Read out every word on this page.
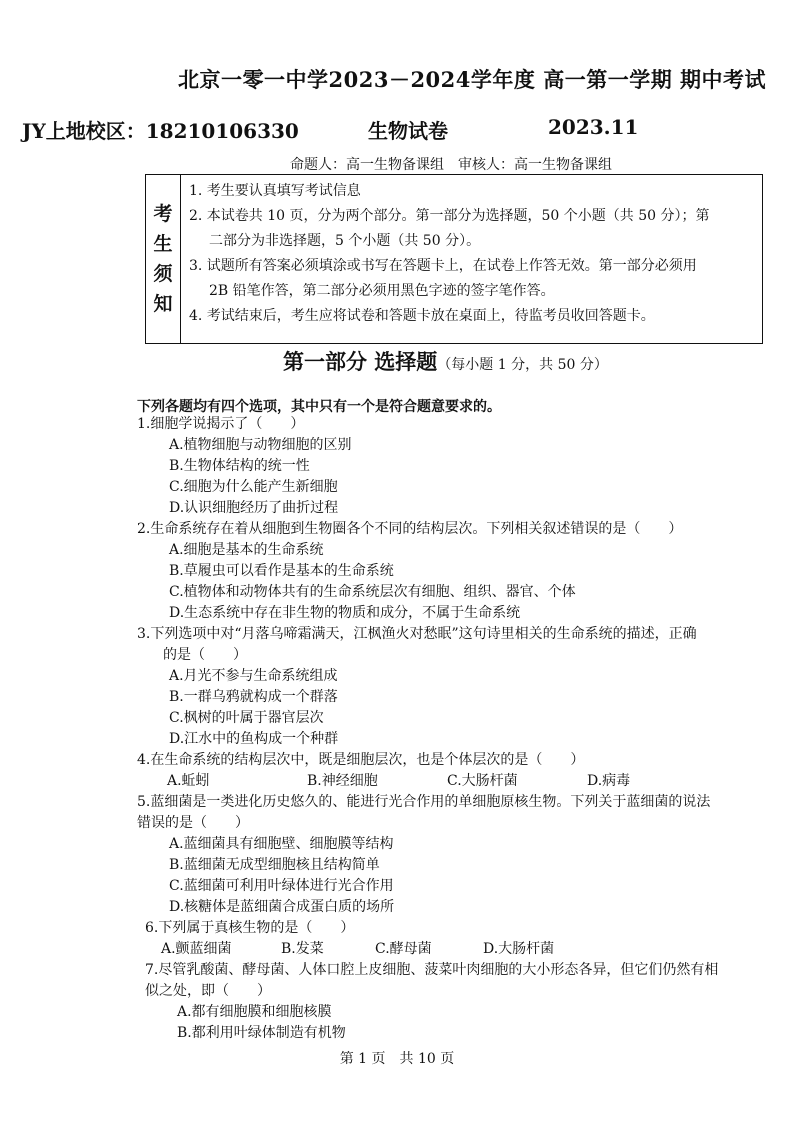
北京一零一中学2023－2024学年度 高一第一学期 期中考试
JY上地校区：18210106330	生物试卷	2023.11
命题人：高一生物备课组　审核人：高一生物备课组
考
生
须
知
1. 考生要认真填写考试信息
2. 本试卷共 10 页，分为两个部分。第一部分为选择题，50 个小题（共 50 分）；第
二部分为非选择题，5 个小题（共 50 分）。
3. 试题所有答案必须填涂或书写在答题卡上，在试卷上作答无效。第一部分必须用
2B 铅笔作答，第二部分必须用黑色字迹的签字笔作答。
4. 考试结束后，考生应将试卷和答题卡放在桌面上，待监考员收回答题卡。
第一部分 选择题（每小题 1 分，共 50 分）
下列各题均有四个选项，其中只有一个是符合题意要求的。
1.细胞学说揭示了（　　）
A.植物细胞与动物细胞的区别
B.生物体结构的统一性
C.细胞为什么能产生新细胞
D.认识细胞经历了曲折过程
2.生命系统存在着从细胞到生物圈各个不同的结构层次。下列相关叙述错误的是（　　）
A.细胞是基本的生命系统
B.草履虫可以看作是基本的生命系统
C.植物体和动物体共有的生命系统层次有细胞、组织、器官、个体
D.生态系统中存在非生物的物质和成分，不属于生命系统
3.下列选项中对“月落乌啼霜满天，江枫渔火对愁眠”这句诗里相关的生命系统的描述，正确
的是（　　）
A.月光不参与生命系统组成
B.一群乌鸦就构成一个群落
C.枫树的叶属于器官层次
D.江水中的鱼构成一个种群
4.在生命系统的结构层次中，既是细胞层次，也是个体层次的是（　　）
A.蚯蚓	B.神经细胞	C.大肠杆菌	D.病毒
5.蓝细菌是一类进化历史悠久的、能进行光合作用的单细胞原核生物。下列关于蓝细菌的说法
错误的是（　　）
A.蓝细菌具有细胞壁、细胞膜等结构
B.蓝细菌无成型细胞核且结构简单
C.蓝细菌可利用叶绿体进行光合作用
D.核糖体是蓝细菌合成蛋白质的场所
6.下列属于真核生物的是（　　）
A.颤蓝细菌	B.发菜	C.酵母菌	D.大肠杆菌
7.尽管乳酸菌、酵母菌、人体口腔上皮细胞、菠菜叶肉细胞的大小形态各异，但它们仍然有相
似之处，即（　　）
A.都有细胞膜和细胞核膜
B.都利用叶绿体制造有机物
第 1 页　共 10 页
